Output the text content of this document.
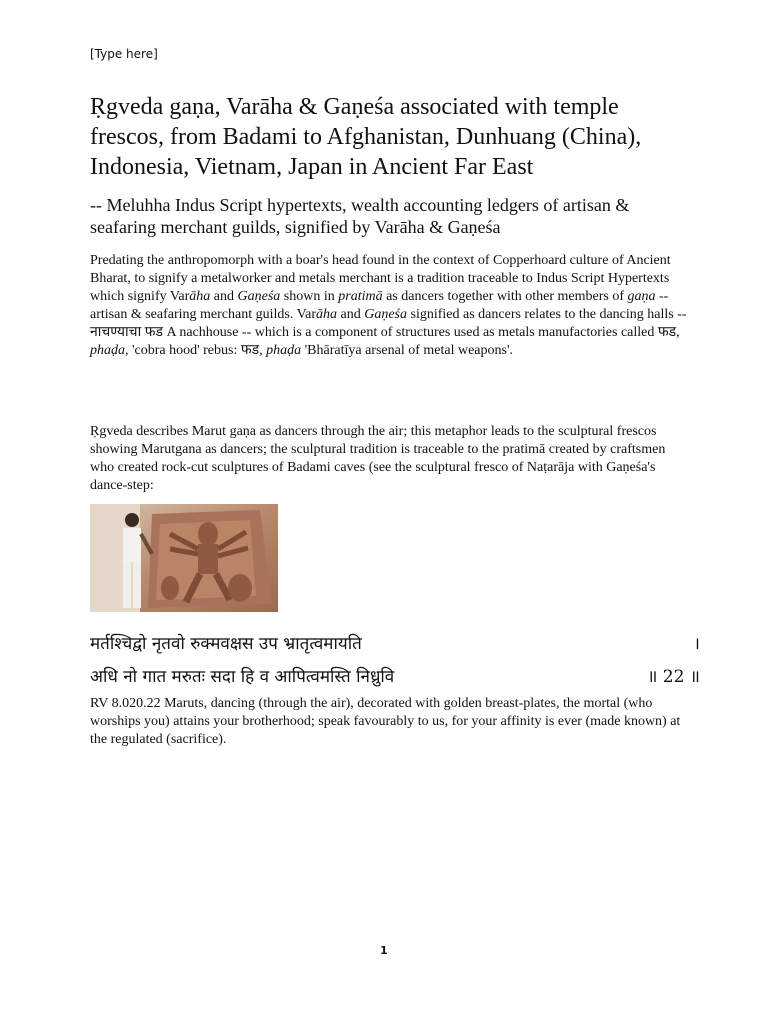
[Type here]
Ṛgveda gaṇa, Varāha & Gaṇeśa associated with temple frescos, from Badami to Afghanistan, Dunhuang (China), Indonesia, Vietnam, Japan in Ancient Far East
-- Meluhha Indus Script hypertexts, wealth accounting ledgers of artisan & seafaring merchant guilds, signified by Varāha & Gaṇeśa
Predating the anthropomorph with a boar's head found in the context of Copperhoard culture of Ancient Bharat, to signify a metalworker and metals merchant is a tradition traceable to Indus Script Hypertexts which signify Varāha and Gaṇeśa shown in pratimā as dancers together with other members of gaṇa -- artisan & seafaring merchant guilds. Varāha and Gaṇeśa signified as dancers relates to the dancing halls --नाचण्याचा फड A nachhouse -- which is a component of structures used as metals manufactories called फड, phaḍa, 'cobra hood' rebus: फड, phaḍa 'Bhāratīya arsenal of metal weapons'.
Ṛgveda describes Marut gaṇa as dancers through the air; this metaphor leads to the sculptural frescos showing Marutgana as dancers; the sculptural tradition is traceable to the pratimā created by craftsmen who created rock-cut sculptures of Badami caves (see the sculptural fresco of Naṭarāja with Gaṇeśa's dance-step:
मर्तश्चिद्वो नृतवो रुक्मवक्षस उप भ्रातृत्वमायति	।
अधि नो गात मरुतः सदा हि व आपित्वमस्ति निध्रुवि	॥ 22 ॥
RV 8.020.22 Maruts, dancing (through the air), decorated with golden breast-plates, the mortal (who worships you) attains your brotherhood; speak favourably to us, for your affinity is ever (made known) at the regulated (sacrifice).
1
